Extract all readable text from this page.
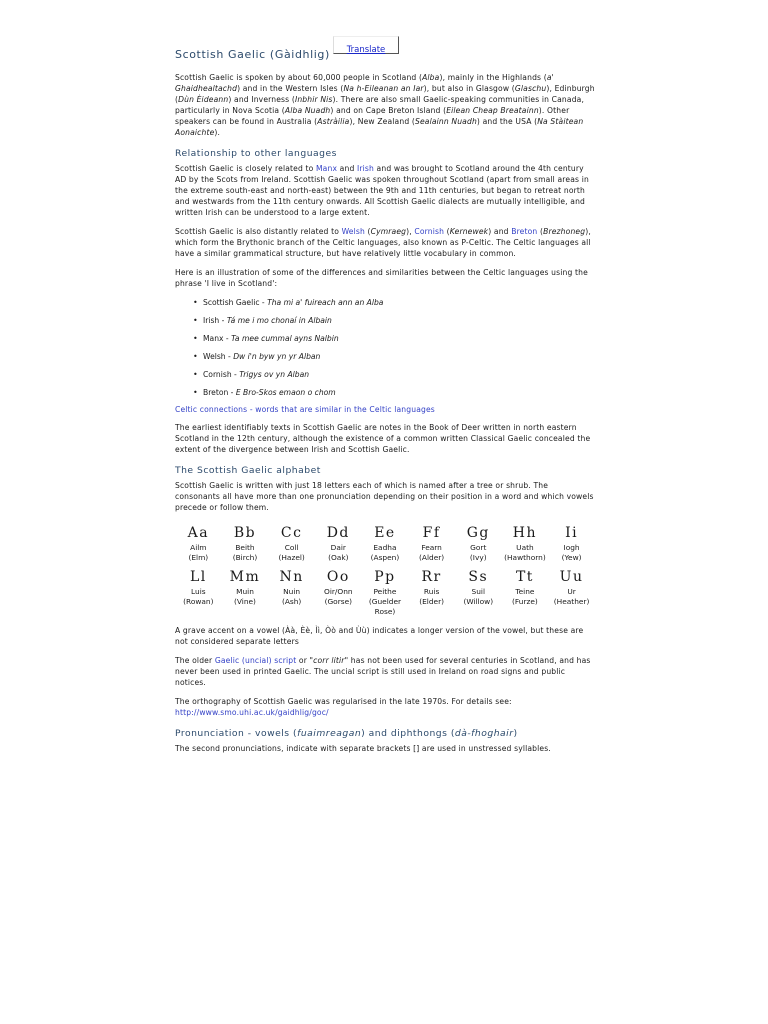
Scottish Gaelic (Gàidhlig)	Translate

Scottish Gaelic is spoken by about 60,000 people in Scotland (Alba), mainly in the Highlands (a' Ghaidhealtachd) and in the Western Isles (Na h-Eileanan an Iar), but also in Glasgow (Glaschu), Edinburgh (Dùn Èideann) and Inverness (Inbhir Nis). There are also small Gaelic-speaking communities in Canada, particularly in Nova Scotia (Alba Nuadh) and on Cape Breton Island (Eilean Cheap Breatainn). Other speakers can be found in Australia (Astràilia), New Zealand (Sealainn Nuadh) and the USA (Na Stàitean Aonaichte).

Relationship to other languages

Scottish Gaelic is closely related to Manx and Irish and was brought to Scotland around the 4th century AD by the Scots from Ireland. Scottish Gaelic was spoken throughout Scotland (apart from small areas in the extreme south-east and north-east) between the 9th and 11th centuries, but began to retreat north and westwards from the 11th century onwards. All Scottish Gaelic dialects are mutually intelligible, and written Irish can be understood to a large extent.

Scottish Gaelic is also distantly related to Welsh (Cymraeg), Cornish (Kernewek) and Breton (Brezhoneg), which form the Brythonic branch of the Celtic languages, also known as P-Celtic. The Celtic languages all have a similar grammatical structure, but have relatively little vocabulary in common.

Here is an illustration of some of the differences and similarities between the Celtic languages using the phrase 'I live in Scotland':

• Scottish Gaelic - Tha mi a' fuireach ann an Alba
• Irish - Tá me i mo chonaí in Albain
• Manx - Ta mee cummal ayns Nalbin
• Welsh - Dw i'n byw yn yr Alban
• Cornish - Trigys ov yn Alban
• Breton - E Bro-Skos emaon o chom
Celtic connections - words that are similar in the Celtic languages

The earliest identifiably texts in Scottish Gaelic are notes in the Book of Deer written in north eastern Scotland in the 12th century, although the existence of a common written Classical Gaelic concealed the extent of the divergence between Irish and Scottish Gaelic.

The Scottish Gaelic alphabet

Scottish Gaelic is written with just 18 letters each of which is named after a tree or shrub. The consonants all have more than one pronunciation depending on their position in a word and which vowels precede or follow them.

Aa
Ailm
(Elm)
Bb
Beith
(Birch)
Cc
Coll
(Hazel)
Dd
Dair
(Oak)
Ee
Eadha
(Aspen)
Ff
Fearn
(Alder)
Gg
Gort
(Ivy)
Hh
Uath
(Hawthorn)
Ii
Iogh
(Yew)
Ll
Luis
(Rowan)
Mm
Muin
(Vine)
Nn
Nuin
(Ash)
Oo
Oir/Onn
(Gorse)
Pp
Peithe
(Guelder Rose)
Rr
Ruis
(Elder)
Ss
Suil
(Willow)
Tt
Teine
(Furze)
Uu
Ur
(Heather)

A grave accent on a vowel (Àà, Èè, Ìì, Òò and Ùù) indicates a longer version of the vowel, but these are not considered separate letters

The older Gaelic (uncial) script or "corr litir" has not been used for several centuries in Scotland, and has never been used in printed Gaelic. The uncial script is still used in Ireland on road signs and public notices.

The orthography of Scottish Gaelic was regularised in the late 1970s. For details see:
http://www.smo.uhi.ac.uk/gaidhlig/goc/

Pronunciation - vowels (fuaimreagan) and diphthongs (dà-fhoghair)

The second pronunciations, indicate with separate brackets [] are used in unstressed syllables.
